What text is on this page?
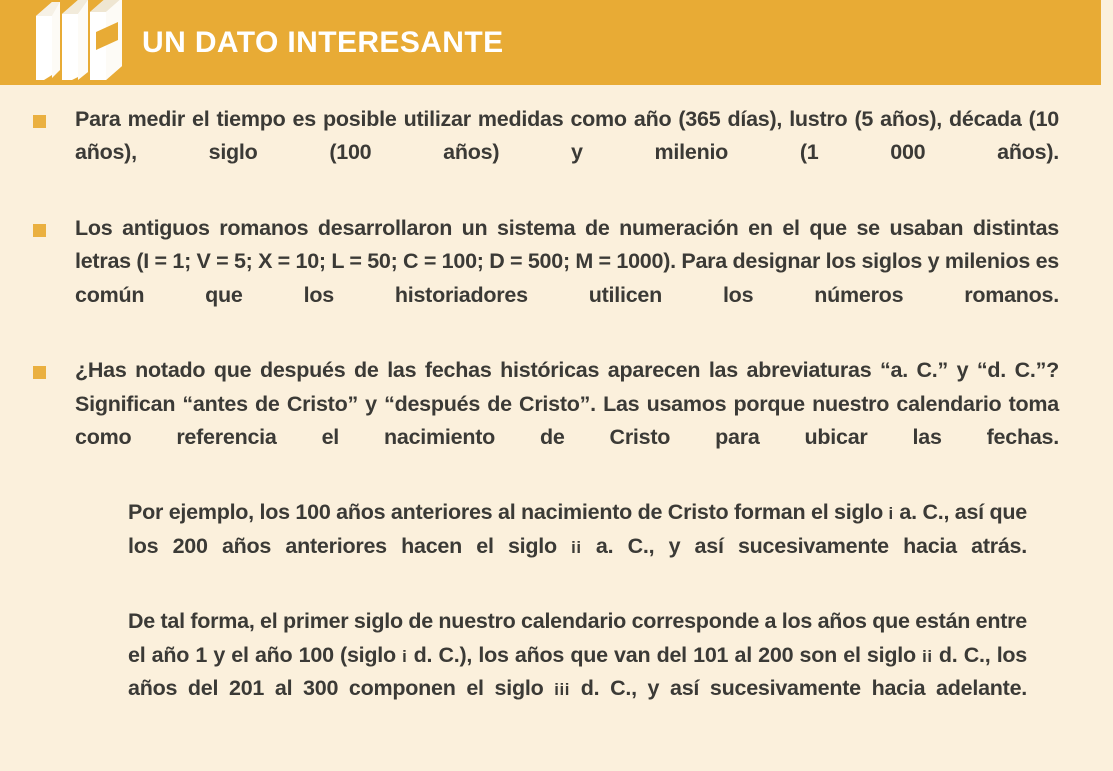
UN DATO INTERESANTE

Para medir el tiempo es posible utilizar medidas como año (365 días), lustro (5 años), década (10 años), siglo (100 años) y milenio (1 000 años).

Los antiguos romanos desarrollaron un sistema de numeración en el que se usaban distintas letras (I = 1; V = 5; X = 10; L = 50; C = 100; D = 500; M = 1000). Para designar los siglos y milenios es común que los historiadores utilicen los números romanos.

¿Has notado que después de las fechas históricas aparecen las abreviaturas “a. C.” y “d. C.”? Significan “antes de Cristo” y “después de Cristo”. Las usamos porque nuestro calendario toma como referencia el nacimiento de Cristo para ubicar las fechas.

Por ejemplo, los 100 años anteriores al nacimiento de Cristo forman el siglo i a. C., así que los 200 años anteriores hacen el siglo ii a. C., y así sucesivamente hacia atrás.

De tal forma, el primer siglo de nuestro calendario corresponde a los años que están entre el año 1 y el año 100 (siglo i d. C.), los años que van del 101 al 200 son el siglo ii d. C., los años del 201 al 300 componen el siglo iii d. C., y así sucesivamente hacia adelante.
